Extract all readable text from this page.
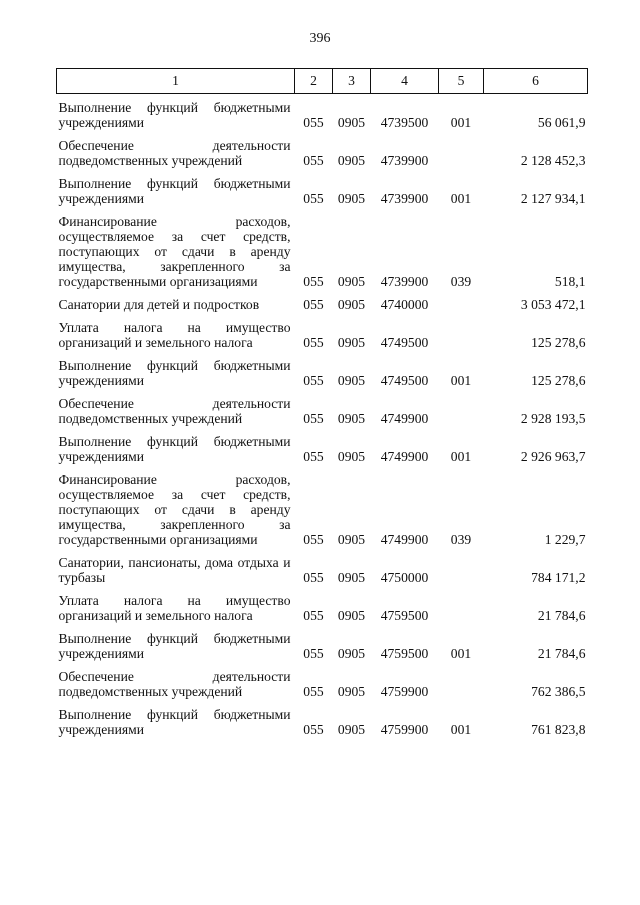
396
1	2	3	4	5	6
Выполнение функций бюджетными учреждениями	055	0905	4739500	001	56 061,9
Обеспечение деятельности подведомственных учреждений	055	0905	4739900		2 128 452,3
Выполнение функций бюджетными учреждениями	055	0905	4739900	001	2 127 934,1
Финансирование расходов, осуществляемое за счет средств, поступающих от сдачи в аренду имущества, закрепленного за государственными организациями	055	0905	4739900	039	518,1
Санатории для детей и подростков	055	0905	4740000		3 053 472,1
Уплата налога на имущество организаций и земельного налога	055	0905	4749500		125 278,6
Выполнение функций бюджетными учреждениями	055	0905	4749500	001	125 278,6
Обеспечение деятельности подведомственных учреждений	055	0905	4749900		2 928 193,5
Выполнение функций бюджетными учреждениями	055	0905	4749900	001	2 926 963,7
Финансирование расходов, осуществляемое за счет средств, поступающих от сдачи в аренду имущества, закрепленного за государственными организациями	055	0905	4749900	039	1 229,7
Санатории, пансионаты, дома отдыха и турбазы	055	0905	4750000		784 171,2
Уплата налога на имущество организаций и земельного налога	055	0905	4759500		21 784,6
Выполнение функций бюджетными учреждениями	055	0905	4759500	001	21 784,6
Обеспечение деятельности подведомственных учреждений	055	0905	4759900		762 386,5
Выполнение функций бюджетными учреждениями	055	0905	4759900	001	761 823,8
